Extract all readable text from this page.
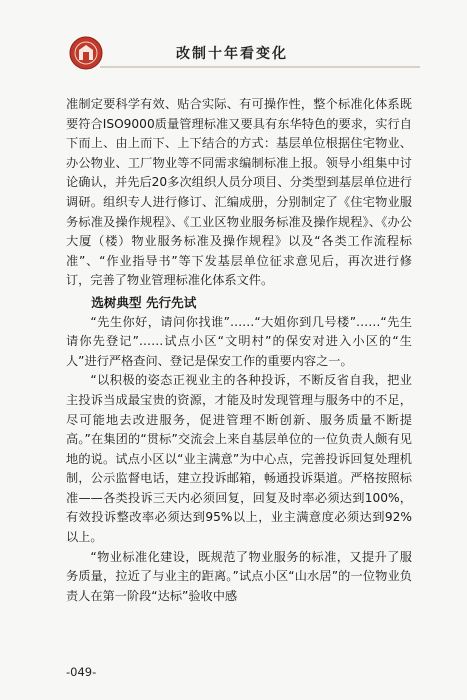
改制十年看变化

准制定要科学有效、贴合实际、有可操作性，整个标准化体系既要符合ISO9000质量管理标准又要具有东华特色的要求，实行自下而上、由上而下、上下结合的方式：基层单位根据住宅物业、办公物业、工厂物业等不同需求编制标准上报。领导小组集中讨论确认，并先后20多次组织人员分项目、分类型到基层单位进行调研。组织专人进行修订、汇编成册，分别制定了《住宅物业服务标准及操作规程》、《工业区物业服务标准及操作规程》、《办公大厦（楼）物业服务标准及操作规程》以及“各类工作流程标准”、“作业指导书”等下发基层单位征求意见后，再次进行修订，完善了物业管理标准化体系文件。

选树典型 先行先试

“先生你好，请问你找谁”……“大姐你到几号楼”……“先生请你先登记”……试点小区“文明村”的保安对进入小区的“生人”进行严格查问、登记是保安工作的重要内容之一。

“以积极的姿态正视业主的各种投诉，不断反省自我，把业主投诉当成最宝贵的资源，才能及时发现管理与服务中的不足，尽可能地去改进服务，促进管理不断创新、服务质量不断提高。”在集团的“贯标”交流会上来自基层单位的一位负责人颇有见地的说。试点小区以“业主满意”为中心点，完善投诉回复处理机制，公示监督电话，建立投诉邮箱，畅通投诉渠道。严格按照标准——各类投诉三天内必须回复，回复及时率必须达到100%，有效投诉整改率必须达到95%以上，业主满意度必须达到92%以上。

“物业标准化建设，既规范了物业服务的标准，又提升了服务质量，拉近了与业主的距离。”试点小区“山水居”的一位物业负责人在第一阶段“达标”验收中感

-049-
